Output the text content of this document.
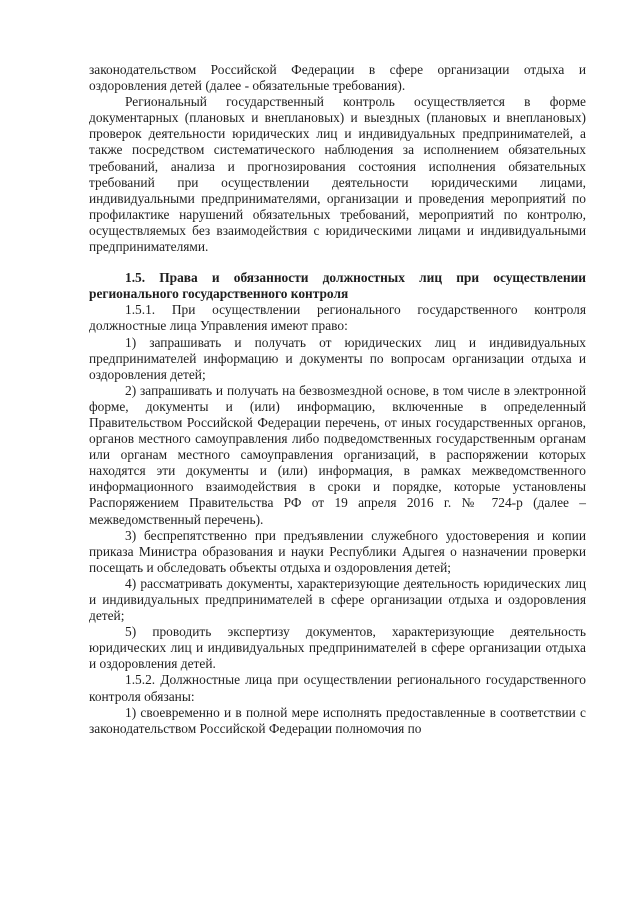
законодательством Российской Федерации в сфере организации отдыха и оздоровления детей (далее - обязательные требования).

Региональный государственный контроль осуществляется в форме документарных (плановых и внеплановых) и выездных (плановых и внеплановых) проверок деятельности юридических лиц и индивидуальных предпринимателей, а также посредством систематического наблюдения за исполнением обязательных требований, анализа и прогнозирования состояния исполнения обязательных требований при осуществлении деятельности юридическими лицами, индивидуальными предпринимателями, организации и проведения мероприятий по профилактике нарушений обязательных требований, мероприятий по контролю, осуществляемых без взаимодействия с юридическими лицами и индивидуальными предпринимателями.

1.5. Права и обязанности должностных лиц при осуществлении регионального государственного контроля

1.5.1. При осуществлении регионального государственного контроля должностные лица Управления имеют право:

1) запрашивать и получать от юридических лиц и индивидуальных предпринимателей информацию и документы по вопросам организации отдыха и оздоровления детей;

2) запрашивать и получать на безвозмездной основе, в том числе в электронной форме, документы и (или) информацию, включенные в определенный Правительством Российской Федерации перечень, от иных государственных органов, органов местного самоуправления либо подведомственных государственным органам или органам местного самоуправления организаций, в распоряжении которых находятся эти документы и (или) информация, в рамках межведомственного информационного взаимодействия в сроки и порядке, которые установлены Распоряжением Правительства РФ от 19 апреля 2016 г. № 724-р (далее – межведомственный перечень).

3) беспрепятственно при предъявлении служебного удостоверения и копии приказа Министра образования и науки Республики Адыгея о назначении проверки посещать и обследовать объекты отдыха и оздоровления детей;

4) рассматривать документы, характеризующие деятельность юридических лиц и индивидуальных предпринимателей в сфере организации отдыха и оздоровления детей;

5) проводить экспертизу документов, характеризующие деятельность юридических лиц и индивидуальных предпринимателей в сфере организации отдыха и оздоровления детей.

1.5.2. Должностные лица при осуществлении регионального государственного контроля обязаны:

1) своевременно и в полной мере исполнять предоставленные в соответствии с законодательством Российской Федерации полномочия по
